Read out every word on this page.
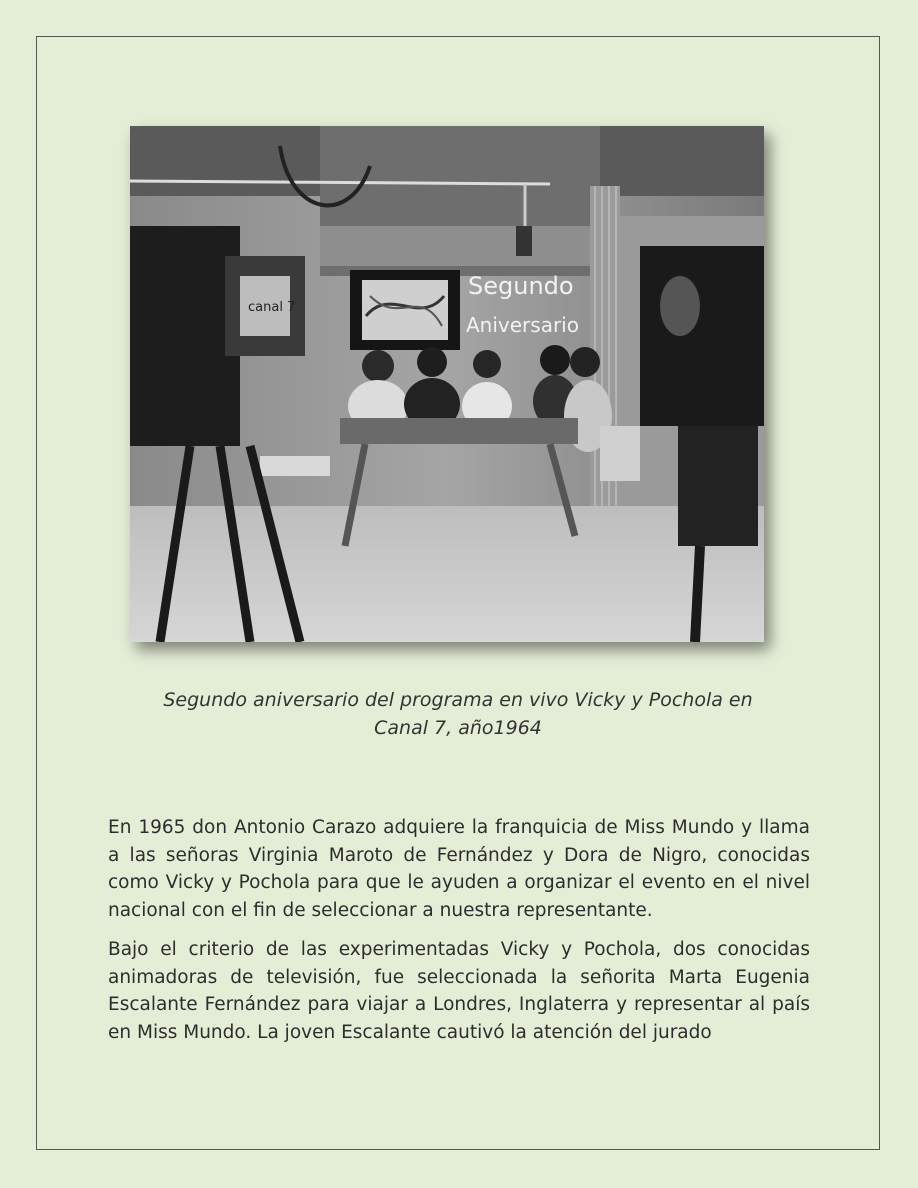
Segundo
Aniversario
canal 7
Segundo aniversario del programa en vivo Vicky y Pochola en
Canal 7, año1964

En 1965 don Antonio Carazo adquiere la franquicia de Miss Mundo y llama a las señoras Virginia Maroto de Fernández y Dora de Nigro, conocidas como Vicky y Pochola para que le ayuden a organizar el evento en el nivel nacional con el fin de seleccionar a nuestra representante.

Bajo el criterio de las experimentadas Vicky y Pochola, dos conocidas animadoras de televisión, fue seleccionada la señorita Marta Eugenia Escalante Fernández para viajar a Londres, Inglaterra y representar al país en Miss Mundo. La joven Escalante cautivó la atención del jurado
